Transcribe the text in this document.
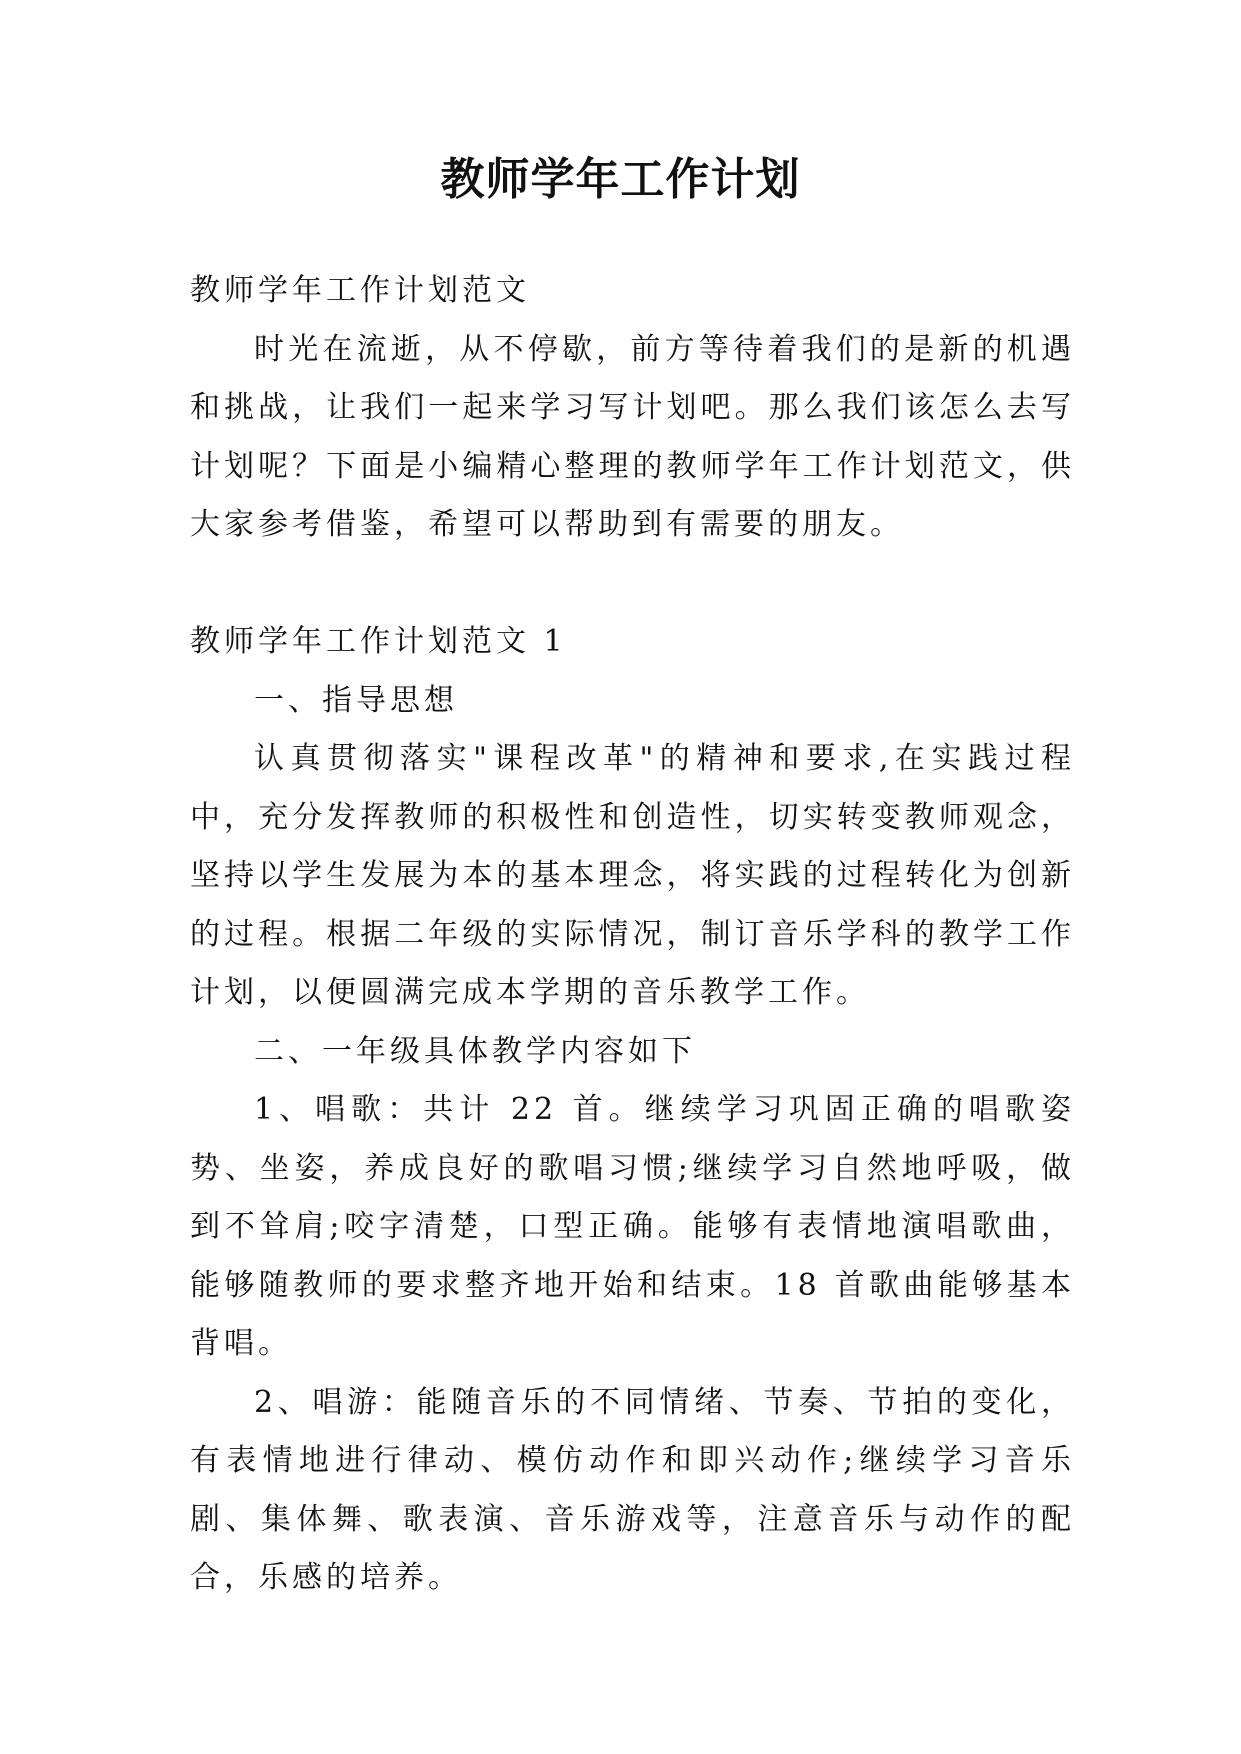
教师学年工作计划

教师学年工作计划范文

时光在流逝，从不停歇，前方等待着我们的是新的机遇和挑战，让我们一起来学习写计划吧。那么我们该怎么去写计划呢？下面是小编精心整理的教师学年工作计划范文，供大家参考借鉴，希望可以帮助到有需要的朋友。

教师学年工作计划范文 1

一、指导思想

认真贯彻落实"课程改革"的精神和要求,在实践过程中，充分发挥教师的积极性和创造性，切实转变教师观念，坚持以学生发展为本的基本理念，将实践的过程转化为创新的过程。根据二年级的实际情况，制订音乐学科的教学工作计划，以便圆满完成本学期的音乐教学工作。

二、一年级具体教学内容如下

1、唱歌：共计 22 首。继续学习巩固正确的唱歌姿势、坐姿，养成良好的歌唱习惯;继续学习自然地呼吸，做到不耸肩;咬字清楚，口型正确。能够有表情地演唱歌曲，能够随教师的要求整齐地开始和结束。18 首歌曲能够基本背唱。

2、唱游：能随音乐的不同情绪、节奏、节拍的变化，有表情地进行律动、模仿动作和即兴动作;继续学习音乐剧、集体舞、歌表演、音乐游戏等，注意音乐与动作的配合，乐感的培养。
